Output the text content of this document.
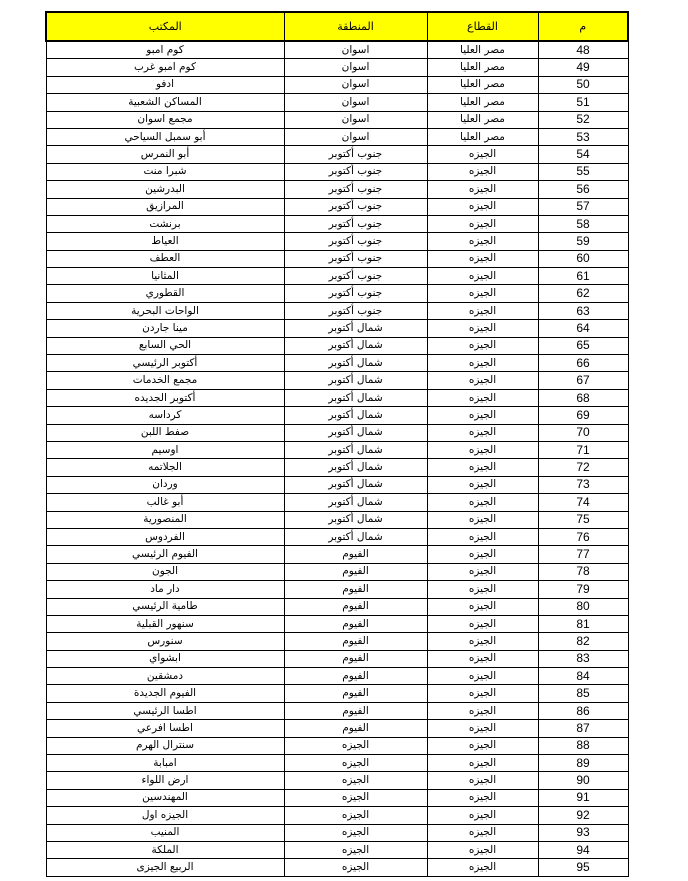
المكتب	المنطقة	القطاع	م
كوم امبو	اسوان	مصر العليا	48
كوم امبو غرب	اسوان	مصر العليا	49
ادفو	اسوان	مصر العليا	50
المساكن الشعبية	اسوان	مصر العليا	51
مجمع اسوان	اسوان	مصر العليا	52
أبو سمبل السياحي	اسوان	مصر العليا	53
أبو النمرس	جنوب أكتوبر	الجيزه	54
شبرا منت	جنوب أكتوبر	الجيزه	55
البدرشين	جنوب أكتوبر	الجيزه	56
المرازيق	جنوب أكتوبر	الجيزه	57
برنشت	جنوب أكتوبر	الجيزه	58
العياط	جنوب أكتوبر	الجيزه	59
العطف	جنوب أكتوبر	الجيزه	60
المثانيا	جنوب أكتوبر	الجيزه	61
القطوري	جنوب أكتوبر	الجيزه	62
الواحات البحرية	جنوب أكتوبر	الجيزه	63
مينا جاردن	شمال أكتوبر	الجيزه	64
الحي السابع	شمال أكتوبر	الجيزه	65
أكتوبر الرئيسي	شمال أكتوبر	الجيزه	66
مجمع الخدمات	شمال أكتوبر	الجيزه	67
أكتوبر الجديده	شمال أكتوبر	الجيزه	68
كرداسه	شمال أكتوبر	الجيزه	69
صفط اللبن	شمال أكتوبر	الجيزه	70
اوسيم	شمال أكتوبر	الجيزه	71
الجلاتمه	شمال أكتوبر	الجيزه	72
وردان	شمال أكتوبر	الجيزه	73
أبو غالب	شمال أكتوبر	الجيزه	74
المنصورية	شمال أكتوبر	الجيزه	75
الفردوس	شمال أكتوبر	الجيزه	76
الفيوم الرئيسي	الفيوم	الجيزه	77
الجون	الفيوم	الجيزه	78
دار ماد	الفيوم	الجيزه	79
طامية الرئيسي	الفيوم	الجيزه	80
سنهور القبلية	الفيوم	الجيزه	81
سنورس	الفيوم	الجيزه	82
ابشواي	الفيوم	الجيزه	83
دمشقين	الفيوم	الجيزه	84
الفيوم الجديدة	الفيوم	الجيزه	85
اطسا الرئيسي	الفيوم	الجيزه	86
اطسا افرعي	الفيوم	الجيزه	87
سنترال الهرم	الجيزه	الجيزه	88
امبابة	الجيزه	الجيزه	89
ارض اللواء	الجيزه	الجيزه	90
المهندسين	الجيزه	الجيزه	91
الجيزه اول	الجيزه	الجيزه	92
المنيب	الجيزه	الجيزه	93
الملكة	الجيزه	الجيزه	94
الربيع الجيزى	الجيزه	الجيزه	95
